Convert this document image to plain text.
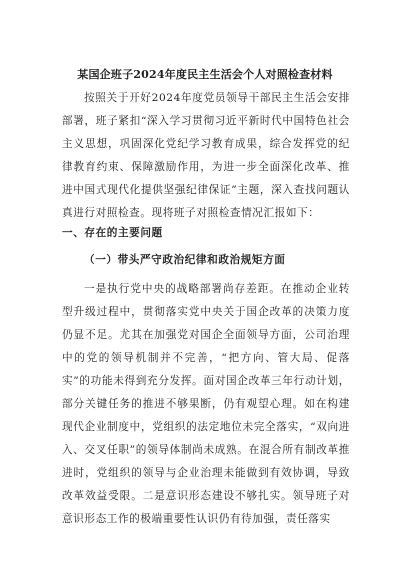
某国企班子2024年度民主生活会个人对照检查材料
按照关于开好2024年度党员领导干部民主生活会安排部署，班子紧扣“深入学习贯彻习近平新时代中国特色社会主义思想，巩固深化党纪学习教育成果，综合发挥党的纪律教育约束、保障激励作用，为进一步全面深化改革、推进中国式现代化提供坚强纪律保证”主题，深入查找问题认真进行对照检查。现将班子对照检查情况汇报如下：
一、存在的主要问题
（一）带头严守政治纪律和政治规矩方面
一是执行党中央的战略部署尚存差距。在推动企业转型升级过程中，贯彻落实党中央关于国企改革的决策力度仍显不足。尤其在加强党对国企全面领导方面，公司治理中的党的领导机制并不完善，“把方向、管大局、促落实”的功能未得到充分发挥。面对国企改革三年行动计划，部分关键任务的推进不够果断，仍有观望心理。如在构建现代企业制度中，党组织的法定地位未完全落实，“双向进入、交叉任职”的领导体制尚未成熟。在混合所有制改革推进时，党组织的领导与企业治理未能做到有效协调，导致改革效益受限。二是意识形态建设不够扎实。领导班子对意识形态工作的极端重要性认识仍有待加强，责任落实
